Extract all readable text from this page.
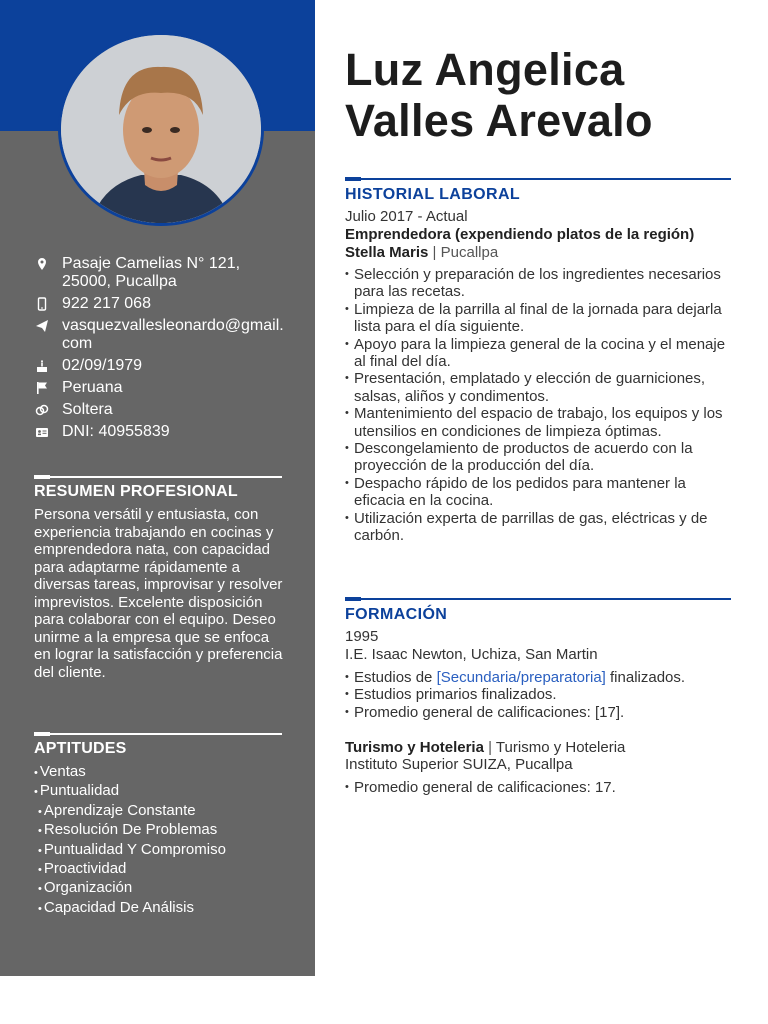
Pasaje Camelias N° 121, 25000, Pucallpa
922 217 068
vasquezvallesleonardo@gmail.com
02/09/1979
Peruana
Soltera
DNI: 40955839
RESUMEN PROFESIONAL
Persona versátil y entusiasta, con experiencia trabajando en cocinas y emprendedora nata, con capacidad para adaptarme rápidamente a diversas tareas, improvisar y resolver imprevistos. Excelente disposición para colaborar con el equipo. Deseo unirme a la empresa que se enfoca en lograr la satisfacción y preferencia del cliente.
APTITUDES
• Ventas
• Puntualidad
• Aprendizaje Constante
• Resolución De Problemas
• Puntualidad Y Compromiso
• Proactividad
• Organización
• Capacidad De Análisis
Luz Angelica
Valles Arevalo
HISTORIAL LABORAL
Julio 2017 - Actual
Emprendedora (expendiendo platos de la región) Stella Maris | Pucallpa
• Selección y preparación de los ingredientes necesarios para las recetas.
• Limpieza de la parrilla al final de la jornada para dejarla lista para el día siguiente.
• Apoyo para la limpieza general de la cocina y el menaje al final del día.
• Presentación, emplatado y elección de guarniciones, salsas, aliños y condimentos.
• Mantenimiento del espacio de trabajo, los equipos y los utensilios en condiciones de limpieza óptimas.
• Descongelamiento de productos de acuerdo con la proyección de la producción del día.
• Despacho rápido de los pedidos para mantener la eficacia en la cocina.
• Utilización experta de parrillas de gas, eléctricas y de carbón.
FORMACIÓN
1995
I.E. Isaac Newton, Uchiza, San Martin
• Estudios de [Secundaria/preparatoria] finalizados.
• Estudios primarios finalizados.
• Promedio general de calificaciones: [17].
Turismo y Hoteleria | Turismo y Hoteleria
Instituto Superior SUIZA, Pucallpa
• Promedio general de calificaciones: 17.
